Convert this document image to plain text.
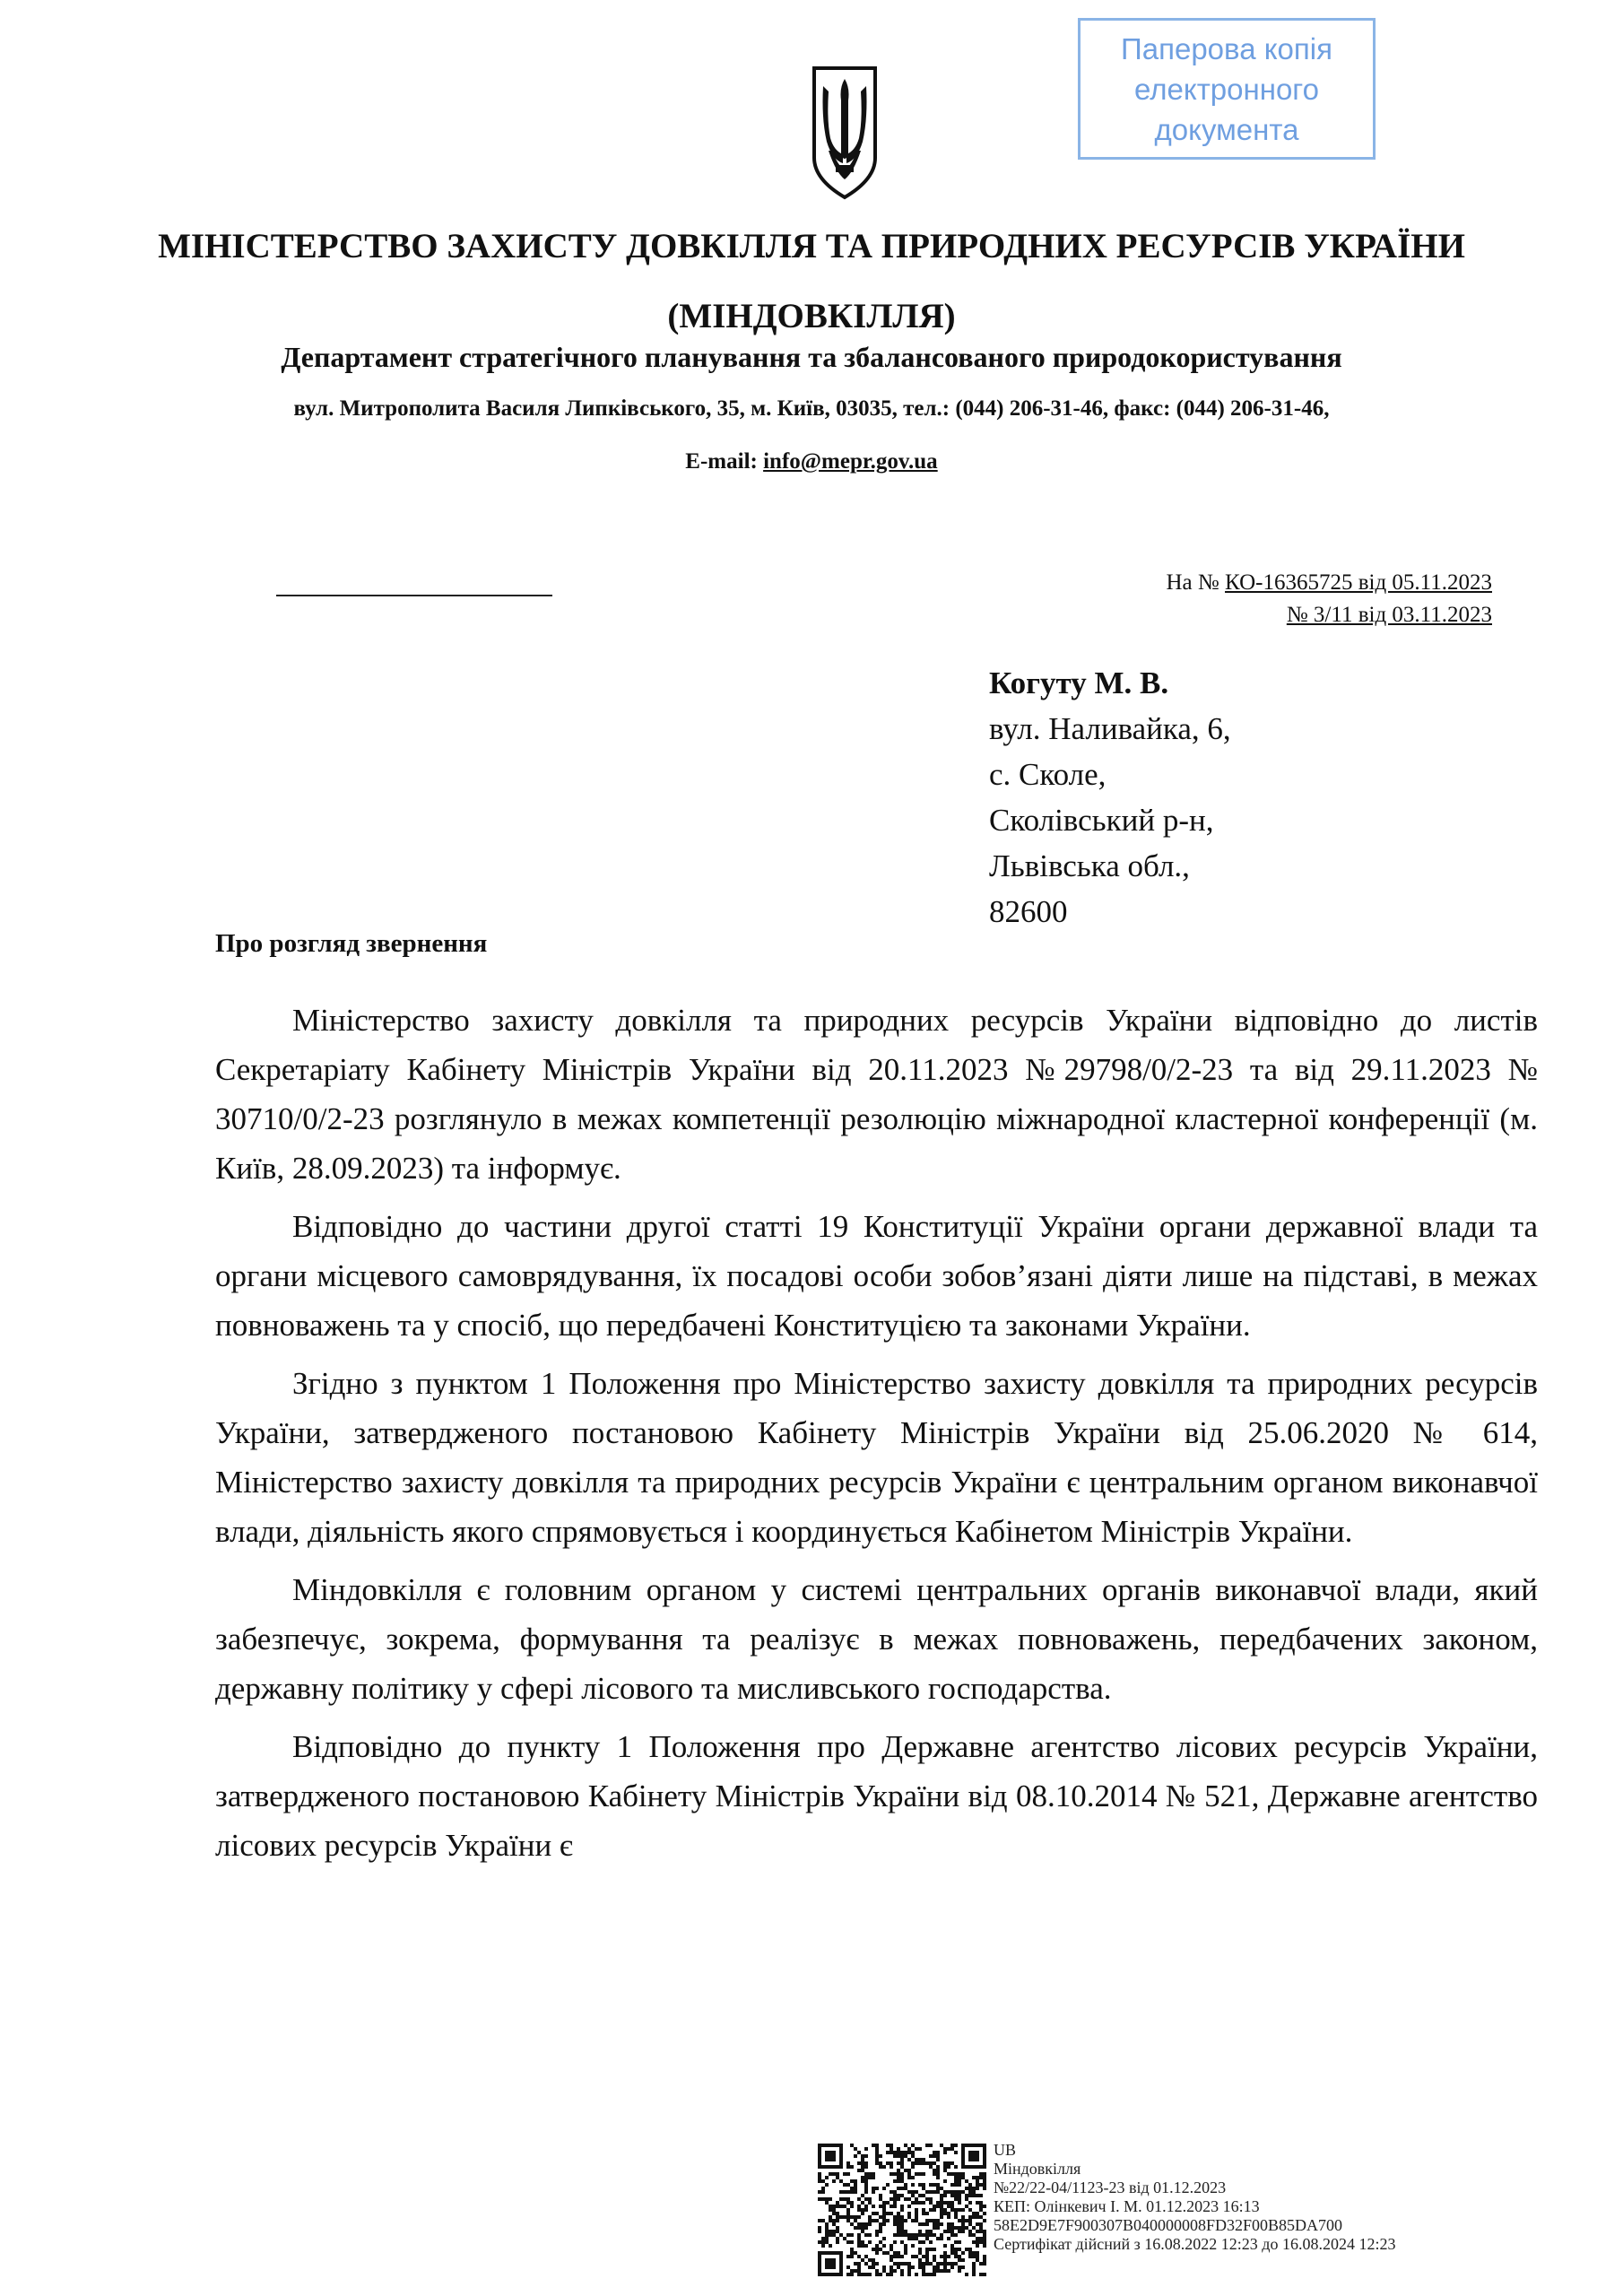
Паперова копія
електронного
документа
МІНІСТЕРСТВО ЗАХИСТУ ДОВКІЛЛЯ ТА ПРИРОДНИХ РЕСУРСІВ УКРАЇНИ
(МІНДОВКІЛЛЯ)
Департамент стратегічного планування та збалансованого природокористування
вул. Митрополита Василя Липківського, 35, м. Київ, 03035, тел.: (044) 206-31-46, факс: (044) 206-31-46,
E-mail: info@mepr.gov.ua
На № КО-16365725 від 05.11.2023
№ 3/11 від 03.11.2023
Когуту М. В.
вул. Наливайка, 6,
с. Сколе,
Сколівський р-н,
Львівська обл.,
82600
Про розгляд звернення

Міністерство захисту довкілля та природних ресурсів України відповідно до листів Секретаріату Кабінету Міністрів України від 20.11.2023 №29798/0/2-23 та від 29.11.2023 № 30710/0/2-23 розглянуло в межах компетенції резолюцію міжнародної кластерної конференції (м. Київ, 28.09.2023) та інформує.

Відповідно до частини другої статті 19 Конституції України органи державної влади та органи місцевого самоврядування, їх посадові особи зобов’язані діяти лише на підставі, в межах повноважень та у спосіб, що передбачені Конституцією та законами України.

Згідно з пунктом 1 Положення про Міністерство захисту довкілля та природних ресурсів України, затвердженого постановою Кабінету Міністрів України від 25.06.2020 № 614, Міністерство захисту довкілля та природних ресурсів України є центральним органом виконавчої влади, діяльність якого спрямовується і координується Кабінетом Міністрів України.

Міндовкілля є головним органом у системі центральних органів виконавчої влади, який забезпечує, зокрема, формування та реалізує в межах повноважень, передбачених законом, державну політику у сфері лісового та мисливського господарства.

Відповідно до пункту 1 Положення про Державне агентство лісових ресурсів України, затвердженого постановою Кабінету Міністрів України від 08.10.2014 № 521, Державне агентство лісових ресурсів України є

UB
Міндовкілля
№22/22-04/1123-23 від 01.12.2023
КЕП: Олінкевич І. М. 01.12.2023 16:13
58E2D9E7F900307B040000008FD32F00B85DA700
Сертифікат дійсний з 16.08.2022 12:23 до 16.08.2024 12:23
